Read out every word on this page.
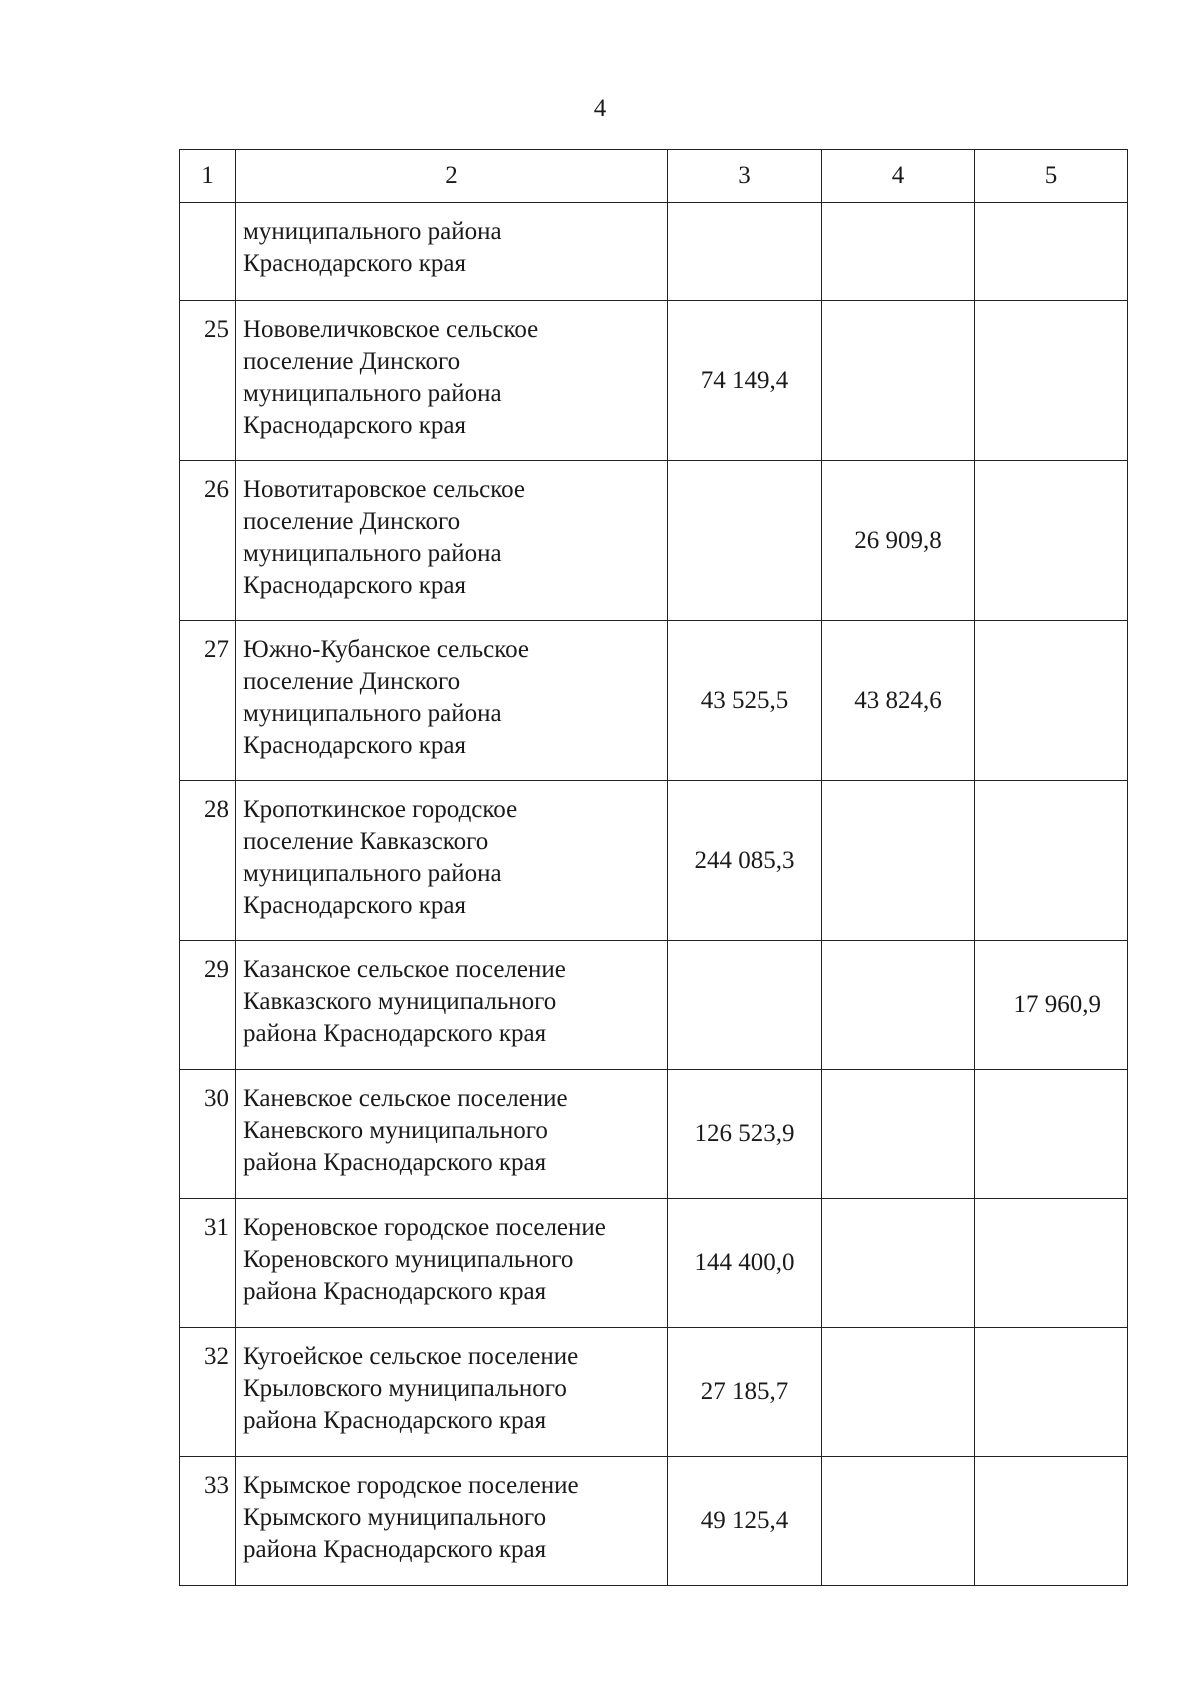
4
1	2	3	4	5

	муниципального района
Краснодарского края			

25	Нововеличковское сельское
поселение Динского
муниципального района
Краснодарского края	74 149,4		
26	Новотитаровское сельское
поселение Динского
муниципального района
Краснодарского края		26 909,8	
27	Южно-Кубанское сельское
поселение Динского
муниципального района
Краснодарского края	43 525,5	43 824,6	
28	Кропоткинское городское
поселение Кавказского
муниципального района
Краснодарского края	244 085,3		
29	Казанское сельское поселение
Кавказского муниципального
района Краснодарского края			17 960,9
30	Каневское сельское поселение
Каневского муниципального
района Краснодарского края	126 523,9		
31	Кореновское городское поселение
Кореновского муниципального
района Краснодарского края	144 400,0		
32	Кугоейское сельское поселение
Крыловского муниципального
района Краснодарского края	27 185,7		
33	Крымское городское поселение
Крымского муниципального
района Краснодарского края	49 125,4		
